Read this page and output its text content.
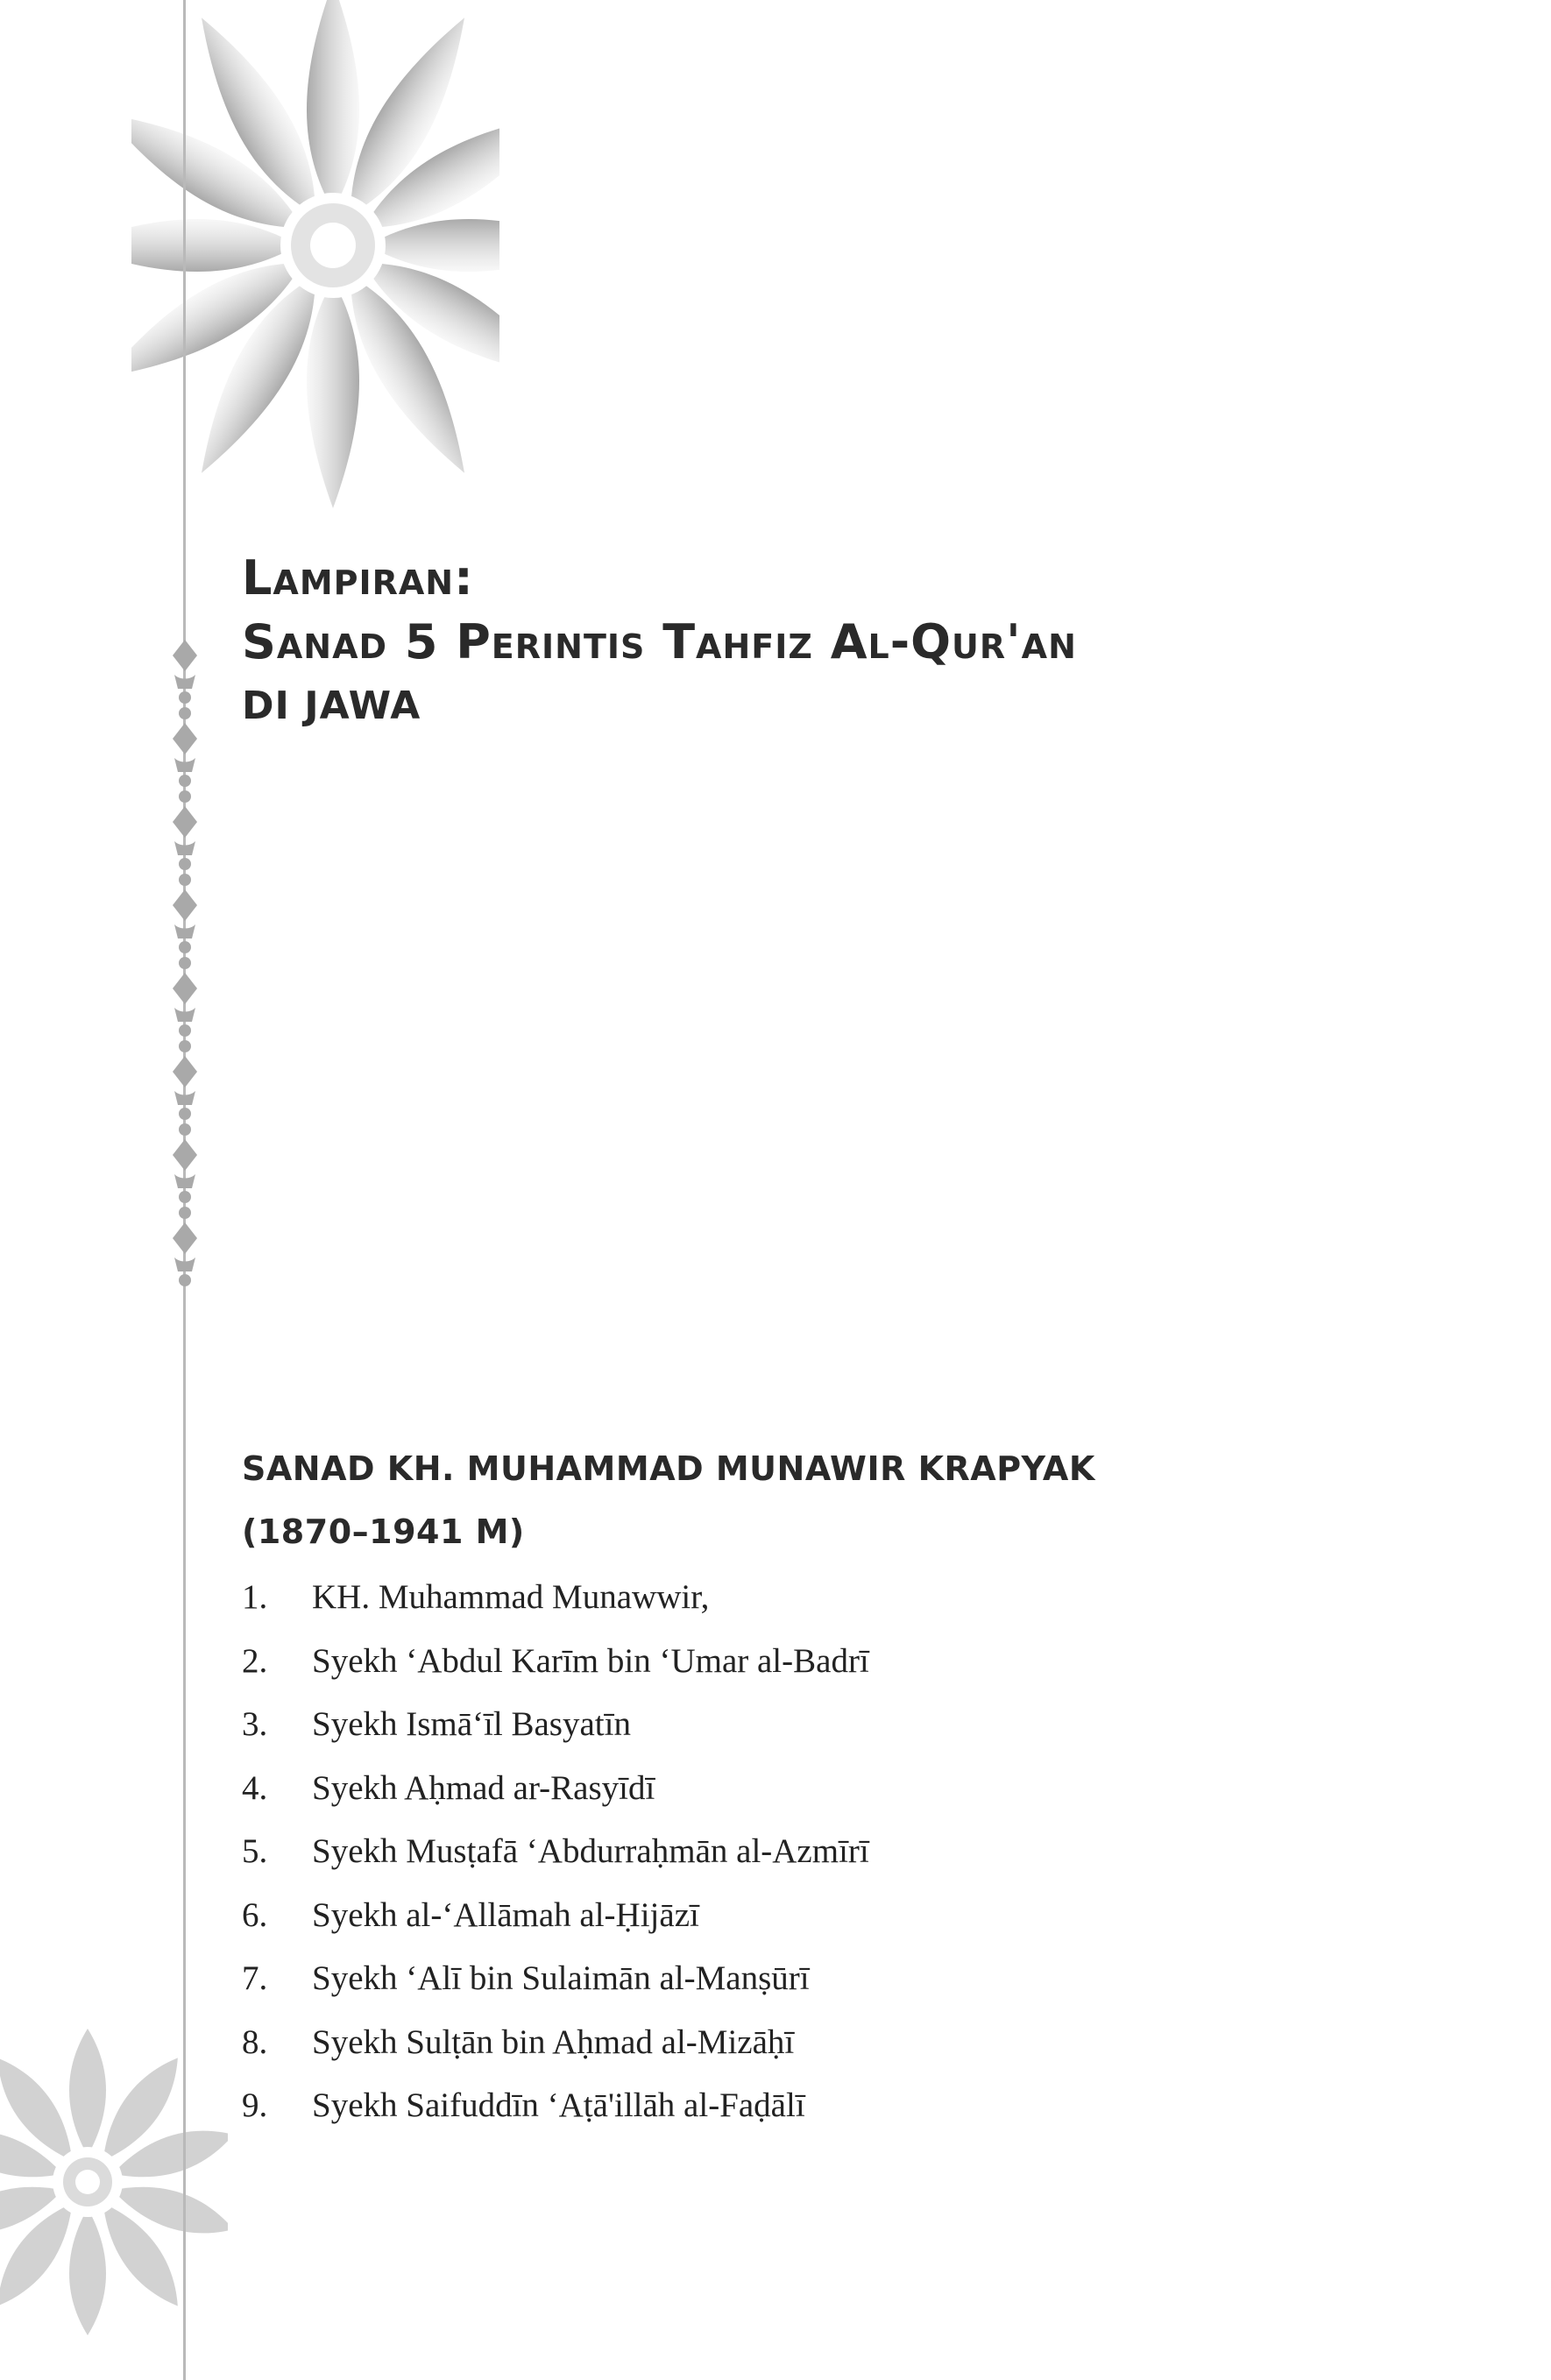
Lampiran:
Sanad 5 Perintis Tahfiz Al-Qur'an
DI JAWA
SANAD KH. MUHAMMAD MUNAWIR KRAPYAK
(1870–1941 M)
1.	KH. Muhammad Munawwir,
2.	Syekh ‘Abdul Karīm bin ‘Umar al-Badrī
3.	Syekh Ismā‘īl Basyatīn
4.	Syekh Aḥmad ar-Rasyīdī
5.	Syekh Musṭafā ‘Abdurraḥmān al-Azmīrī
6.	Syekh al-‘Allāmah al-Ḥijāzī
7.	Syekh ‘Alī bin Sulaimān al-Manṣūrī
8.	Syekh Sulṭān bin Aḥmad al-Mizāḥī
9.	Syekh Saifuddīn ‘Aṭā'illāh al-Faḍālī
